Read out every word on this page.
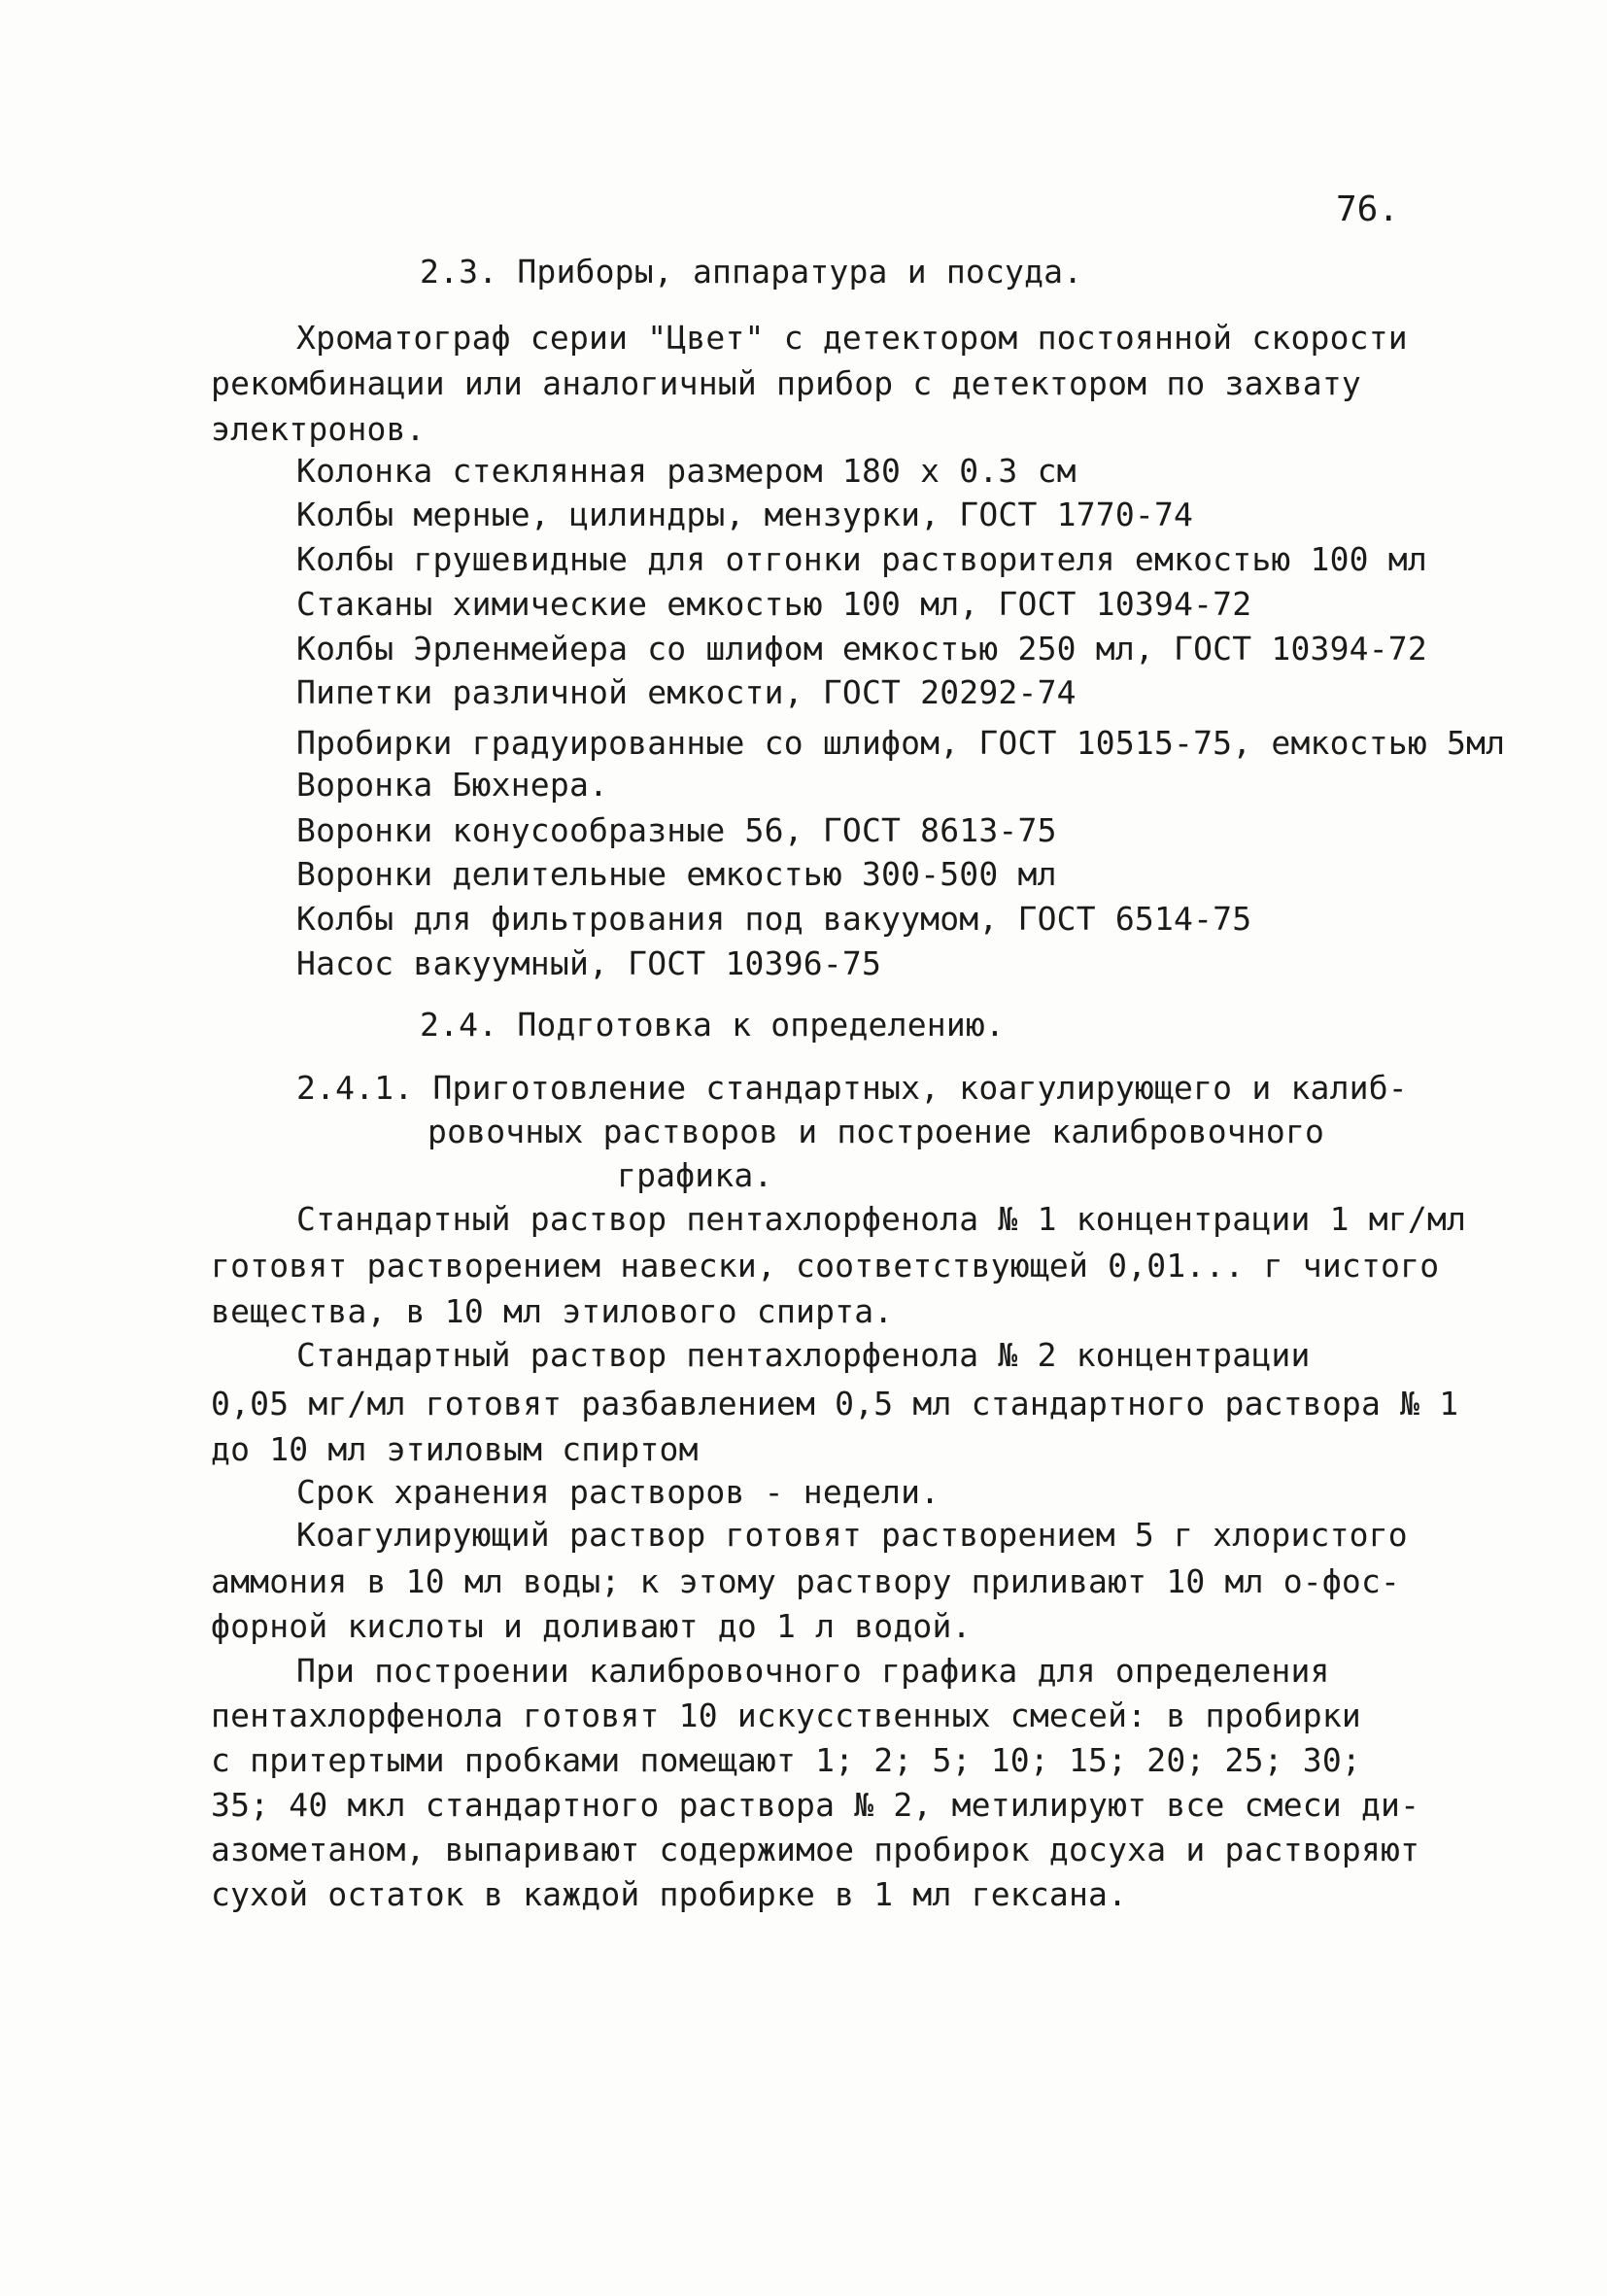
76.
2.3. Приборы, аппаратура и посуда.
Хроматограф серии "Цвет" с детектором постоянной скорости
рекомбинации или аналогичный прибор с детектором по захвату
электронов.
Колонка стеклянная размером 180 х 0.3 см
Колбы мерные, цилиндры, мензурки, ГОСТ 1770-74
Колбы грушевидные для отгонки растворителя емкостью 100 мл
Стаканы химические емкостью 100 мл, ГОСТ 10394-72
Колбы Эрленмейера со шлифом емкостью 250 мл, ГОСТ 10394-72
Пипетки различной емкости, ГОСТ 20292-74
Пробирки градуированные со шлифом, ГОСТ 10515-75, емкостью 5мл
Воронка Бюхнера.
Воронки конусообразные 56, ГОСТ 8613-75
Воронки делительные емкостью 300-500 мл
Колбы для фильтрования под вакуумом, ГОСТ 6514-75
Насос вакуумный, ГОСТ 10396-75
2.4. Подготовка к определению.
2.4.1. Приготовление стандартных, коагулирующего и калиб-
ровочных растворов и построение калибровочного
графика.
Стандартный раствор пентахлорфенола № 1 концентрации 1 мг/мл
готовят растворением навески, соответствующей 0,01... г чистого
вещества, в 10 мл этилового спирта.
Стандартный раствор пентахлорфенола № 2 концентрации
0,05 мг/мл готовят разбавлением 0,5 мл стандартного раствора № 1
до 10 мл этиловым спиртом
Срок хранения растворов - недели.
Коагулирующий раствор готовят растворением 5 г хлористого
аммония в 10 мл воды; к этому раствору приливают 10 мл о-фос-
форной кислоты и доливают до 1 л водой.
При построении калибровочного графика для определения
пентахлорфенола готовят 10 искусственных смесей: в пробирки
с притертыми пробками помещают 1; 2; 5; 10; 15; 20; 25; 30;
35; 40 мкл стандартного раствора № 2, метилируют все смеси ди-
азометаном, выпаривают содержимое пробирок досуха и растворяют
сухой остаток в каждой пробирке в 1 мл гексана.
